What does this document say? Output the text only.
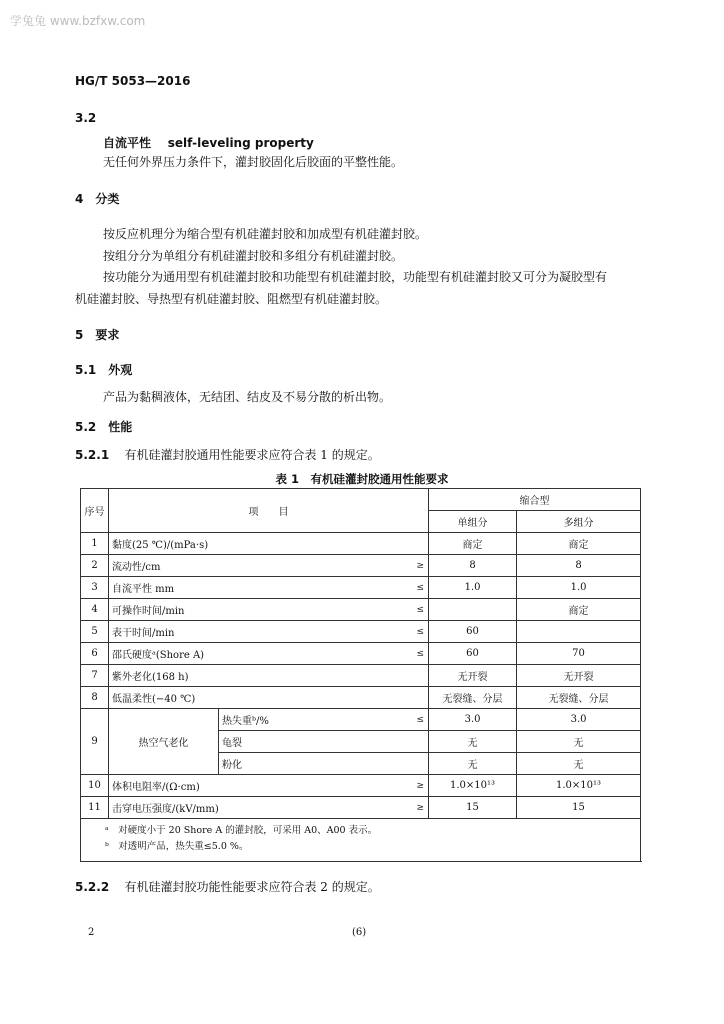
学兔兔 www.bzfxw.com
HG/T 5053—2016
3.2
自流平性 self-leveling property
无任何外界压力条件下，灌封胶固化后胶面的平整性能。
4　分类
按反应机理分为缩合型有机硅灌封胶和加成型有机硅灌封胶。
按组分分为单组分有机硅灌封胶和多组分有机硅灌封胶。
按功能分为通用型有机硅灌封胶和功能型有机硅灌封胶，功能型有机硅灌封胶又可分为凝胶型有
机硅灌封胶、导热型有机硅灌封胶、阻燃型有机硅灌封胶。
5　要求
5.1　外观
产品为黏稠液体，无结团、结皮及不易分散的析出物。
5.2　性能
5.2.1 有机硅灌封胶通用性能要求应符合表 1 的规定。
表 1　有机硅灌封胶通用性能要求
序号	项　　目			缩合型	
				单组分	多组分	
1	黏度(25 ℃)/(mPa·s)			商定	商定	
2	流动性/cm		≥	8	8	
3	自流平性 mm		≤	1.0	1.0	
4	可操作时间/min		≤		商定	
5	表干时间/min		≤	60		
6	邵氏硬度ᵃ(Shore A)		≤	60	70	
7	紫外老化(168 h)			无开裂	无开裂	
8	低温柔性(−40 ℃)			无裂缝、分层	无裂缝、分层	
9	热空气老化	热失重ᵇ/%	≤	3.0	3.0	
		龟裂		无	无	
		粉化		无	无	
10	体积电阻率/(Ω·cm)		≥	1.0×10¹³	1.0×10¹³	
11	击穿电压强度/(kV/mm)		≥	15	15	

ᵃ　对硬度小于 20 Shore A 的灌封胶，可采用 A0、A00 表示。
ᵇ　对透明产品，热失重≤5.0 %。						
5.2.2 有机硅灌封胶功能性能要求应符合表 2 的规定。
2	(6)
